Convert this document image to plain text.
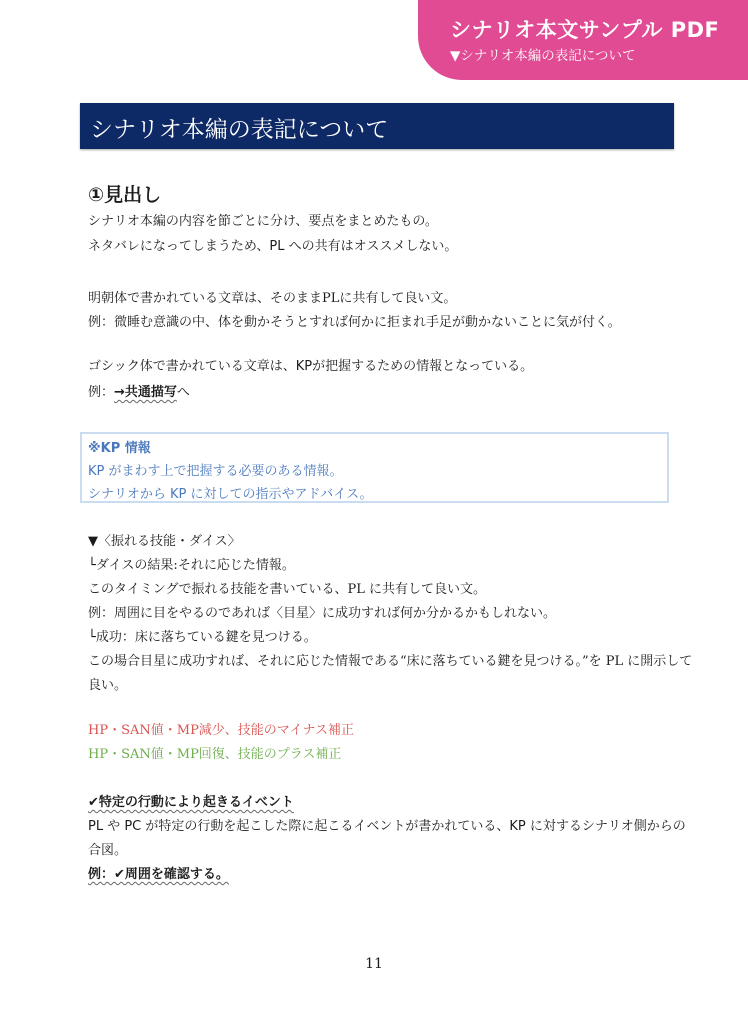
シナリオ本文サンプル PDF
▼シナリオ本編の表記について
シナリオ本編の表記について
①見出し
シナリオ本編の内容を節ごとに分け、要点をまとめたもの。
ネタバレになってしまうため、PL への共有はオススメしない。
明朝体で書かれている文章は、そのままPLに共有して良い文。
例：微睡む意識の中、体を動かそうとすれば何かに拒まれ手足が動かないことに気が付く。
ゴシック体で書かれている文章は、KPが把握するための情報となっている。
例：→共通描写へ
※KP 情報
KP がまわす上で把握する必要のある情報。
シナリオから KP に対しての指示やアドバイス。
▼〈振れる技能・ダイス〉
└ダイスの結果:それに応じた情報。
このタイミングで振れる技能を書いている、PL に共有して良い文。
例：周囲に目をやるのであれば〈目星〉に成功すれば何か分かるかもしれない。
└成功：床に落ちている鍵を見つける。
この場合目星に成功すれば、それに応じた情報である“床に落ちている鍵を見つける。”を PL に開示して
良い。
HP・SAN値・MP減少、技能のマイナス補正
HP・SAN値・MP回復、技能のプラス補正
✔特定の行動により起きるイベント
PL や PC が特定の行動を起こした際に起こるイベントが書かれている、KP に対するシナリオ側からの
合図。
例：✔周囲を確認する。
11
